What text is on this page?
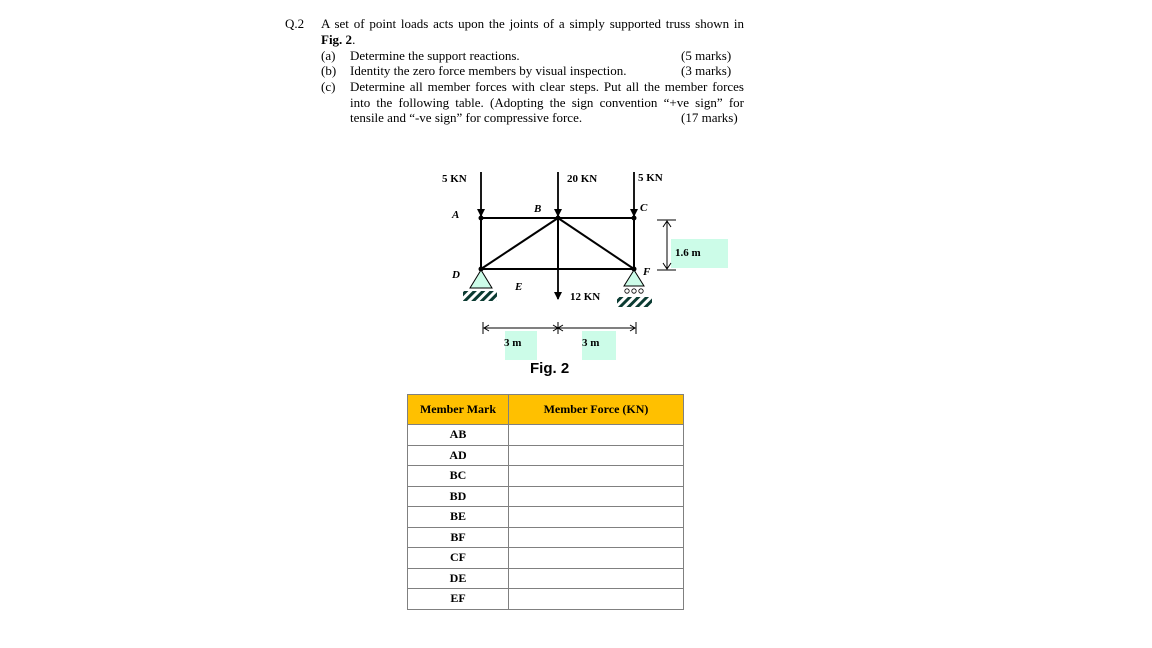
Q.2 A set of point loads acts upon the joints of a simply supported truss shown in Fig. 2.
(a) Determine the support reactions.	(5 marks)
(b) Identity the zero force members by visual inspection.	(3 marks)
(c) Determine all member forces with clear steps. Put all the member forces
into the following table. (Adopting the sign convention “+ve sign” for
tensile and “-ve sign” for compressive force.	(17 marks)
5 KN	20 KN	5 KN
12 KN
A	B	C
D
E
F
1.6 m
3 m	3 m
Fig. 2
Member Mark	Member Force (KN)
AB	
AD	
BC	
BD	
BE	
BF	
CF	
DE	
EF	
